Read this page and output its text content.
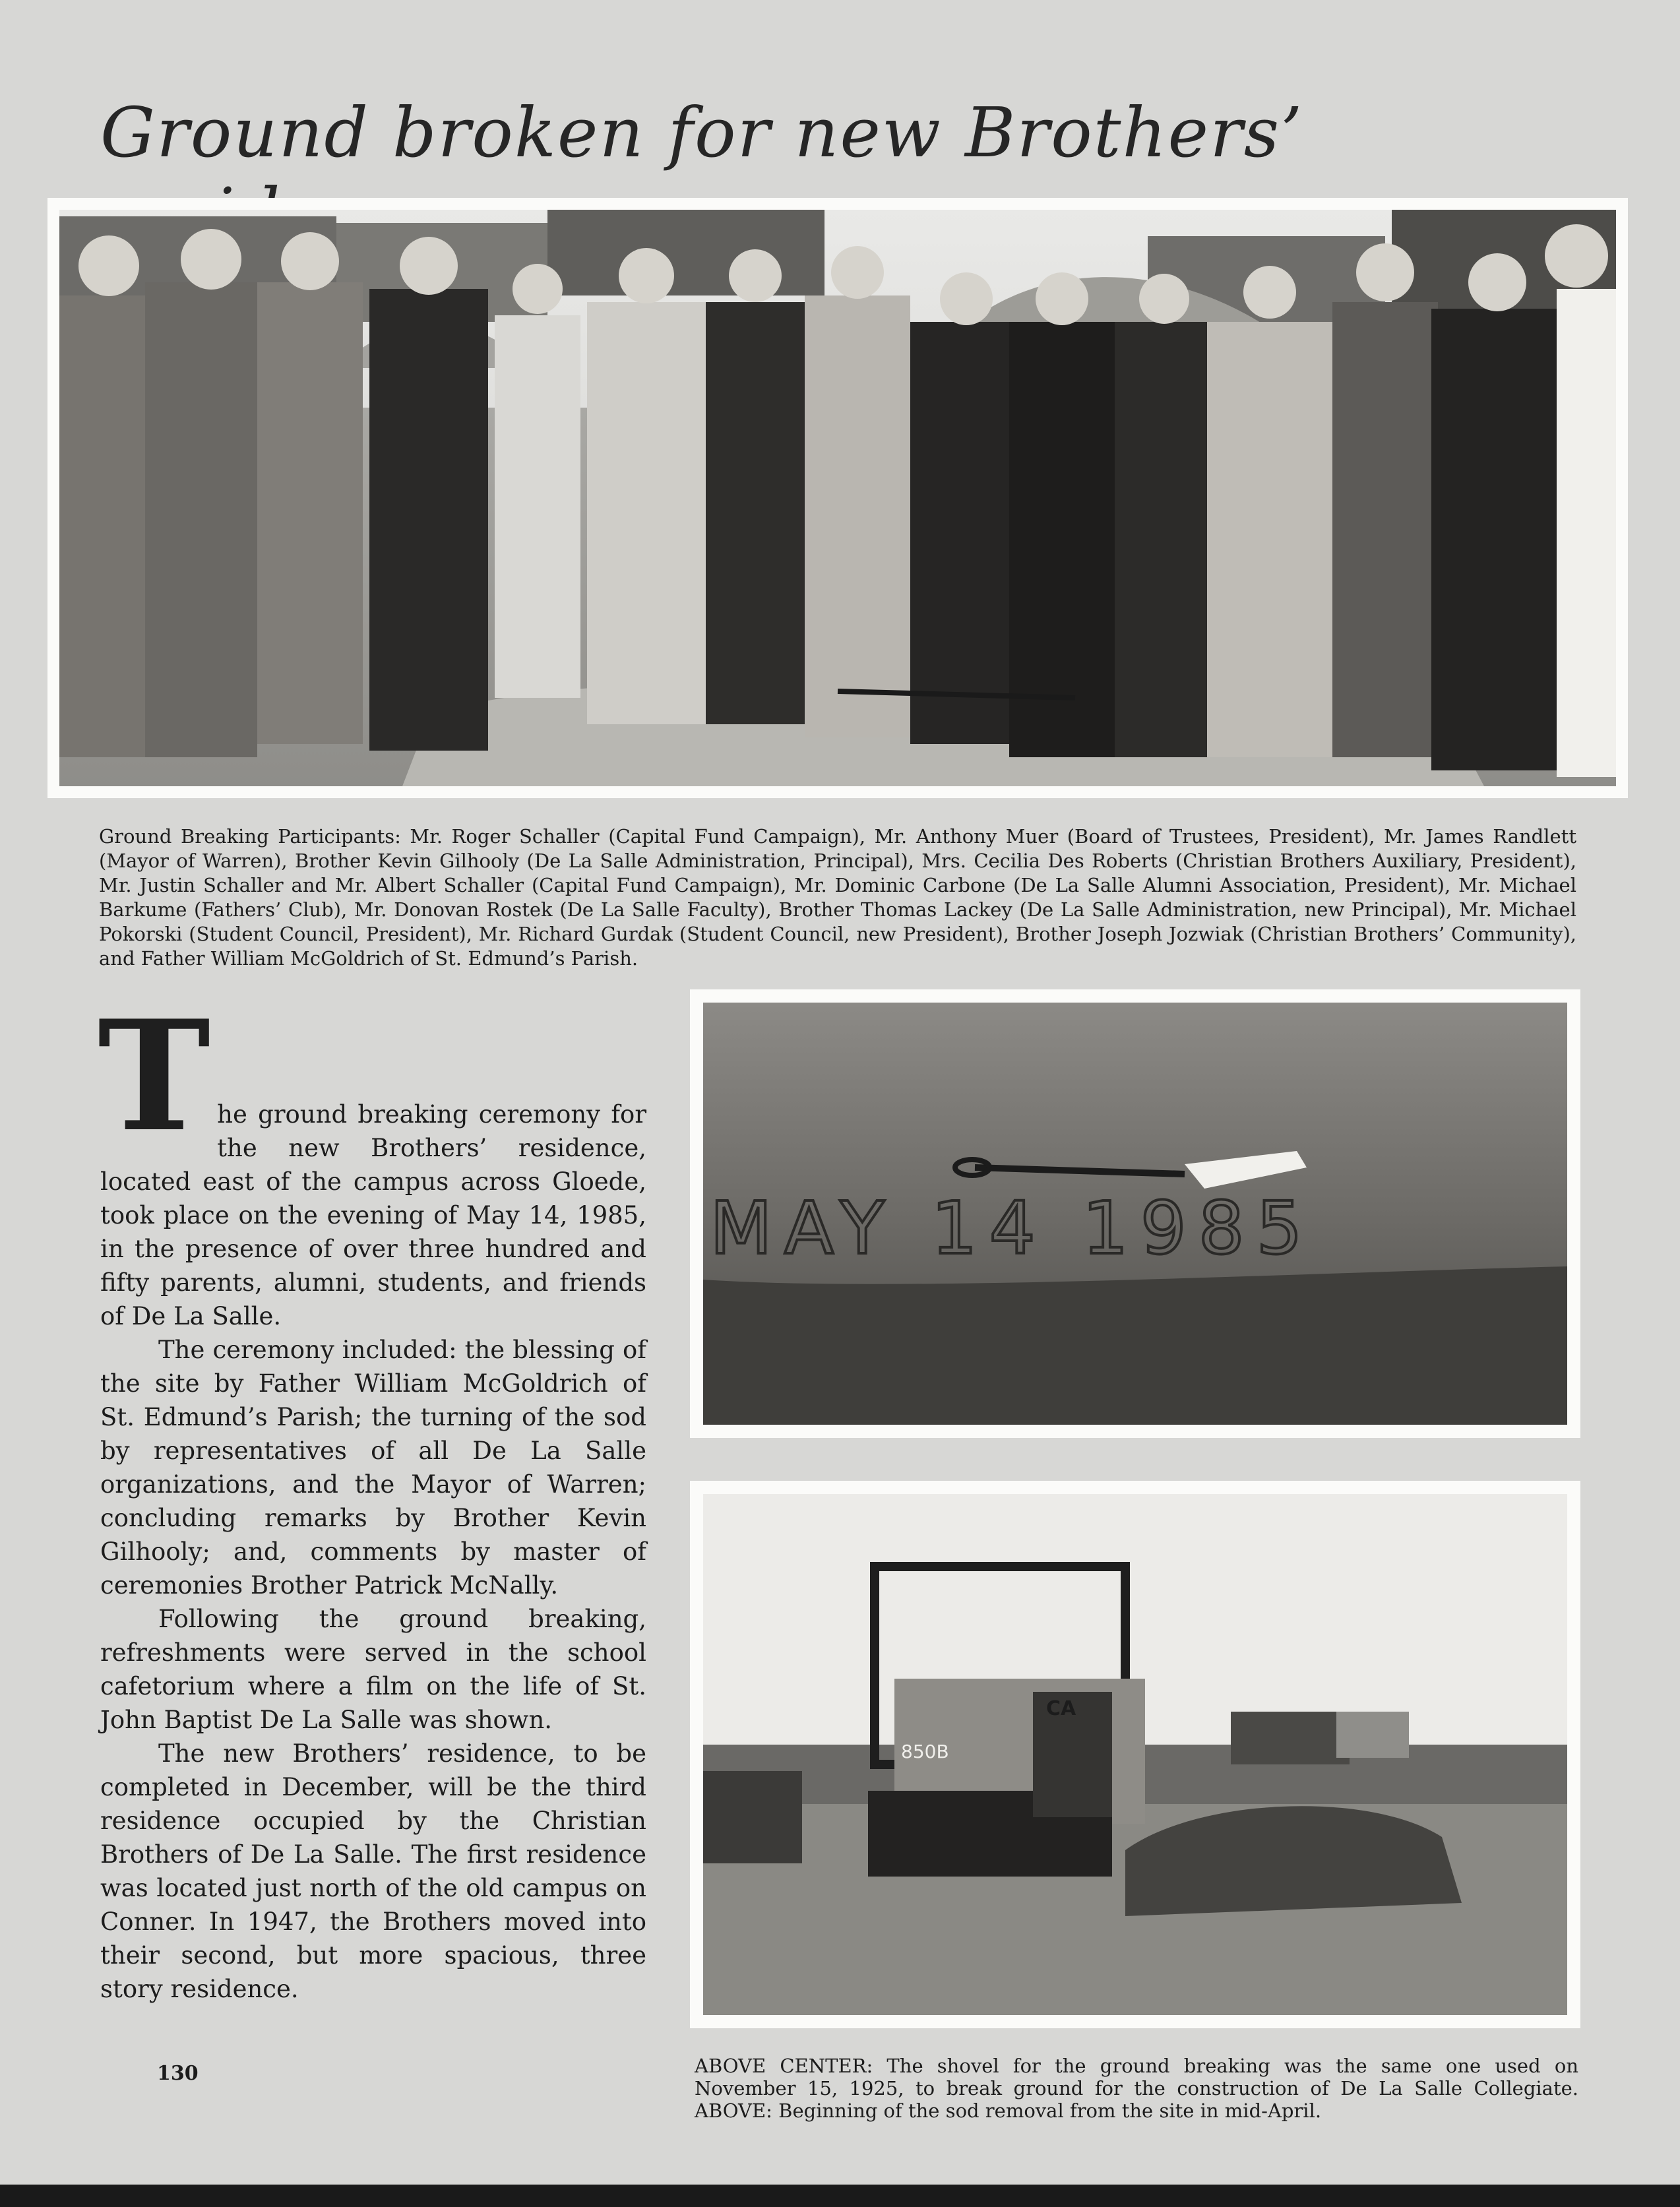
Ground broken for new Brothers’

Ground Breaking Participants: Mr. Roger Schaller (Capital Fund Campaign), Mr. Anthony Muer (Board of Trustees, President), Mr. James Randlett (Mayor of Warren), Brother Kevin Gilhooly (De La Salle Administration, Principal), Mrs. Cecilia Des Roberts (Christian Brothers Auxiliary, President), Mr. Justin Schaller and Mr. Albert Schaller (Capital Fund Campaign), Mr. Dominic Carbone (De La Salle Alumni Association, President), Mr. Michael Barkume (Fathers’ Club), Mr. Donovan Rostek (De La Salle Faculty), Brother Thomas Lackey (De La Salle Administration, new Principal), Mr. Michael Pokorski (Student Council, President), Mr. Richard Gurdak (Student Council, new President), Brother Joseph Jozwiak (Christian Brothers’ Community), and Father William McGoldrich of St. Edmund’s Parish.

The ground breaking ceremony for the new Brothers’ residence, located east of the campus across Gloede, took place on the evening of May 14, 1985, in the presence of over three hundred and fifty parents, alumni, students, and friends of De La Salle.

The ceremony included: the blessing of the site by Father William McGoldrich of St. Edmund’s Parish; the turning of the sod by representatives of all De La Salle organizations, and the Mayor of Warren; concluding remarks by Brother Kevin Gilhooly; and, comments by master of ceremonies Brother Patrick McNally.

Following the ground breaking, refreshments were served in the school cafetorium where a film on the life of St. John Baptist De La Salle was shown.

The new Brothers’ residence, to be completed in December, will be the third residence occupied by the Christian Brothers of De La Salle. The first residence was located just north of the old campus on Conner. In 1947, the Brothers moved into their second, but more spacious, three story residence.

MAY 14 1985
850B
CA

130	ABOVE CENTER: The shovel for the ground breaking was the same one used on November 15, 1925, to break ground for the construction of De La Salle Collegiate. ABOVE: Beginning of the sod removal from the site in mid-April.
